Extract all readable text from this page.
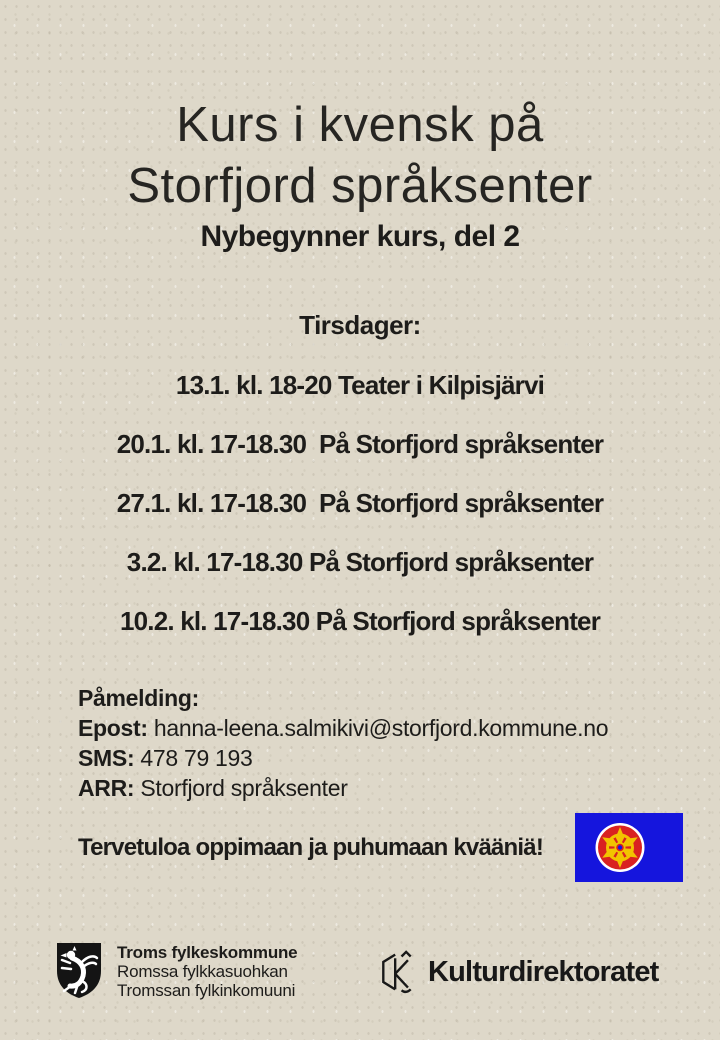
Kurs i kvensk på
Storfjord språksenter
Nybegynner kurs, del 2
Tirsdager:
13.1. kl. 18-20 Teater i Kilpisjärvi
20.1. kl. 17-18.30  På Storfjord språksenter
27.1. kl. 17-18.30  På Storfjord språksenter
3.2. kl. 17-18.30 På Storfjord språksenter
10.2. kl. 17-18.30 På Storfjord språksenter
Påmelding:
Epost: hanna-leena.salmikivi@storfjord.kommune.no
SMS: 478 79 193
ARR: Storfjord språksenter
Tervetuloa oppimaan ja puhumaan kvääniä!
Troms fylkeskommune
Romssa fylkkasuohkan
Tromssan fylkinkomuuni
Kulturdirektoratet
